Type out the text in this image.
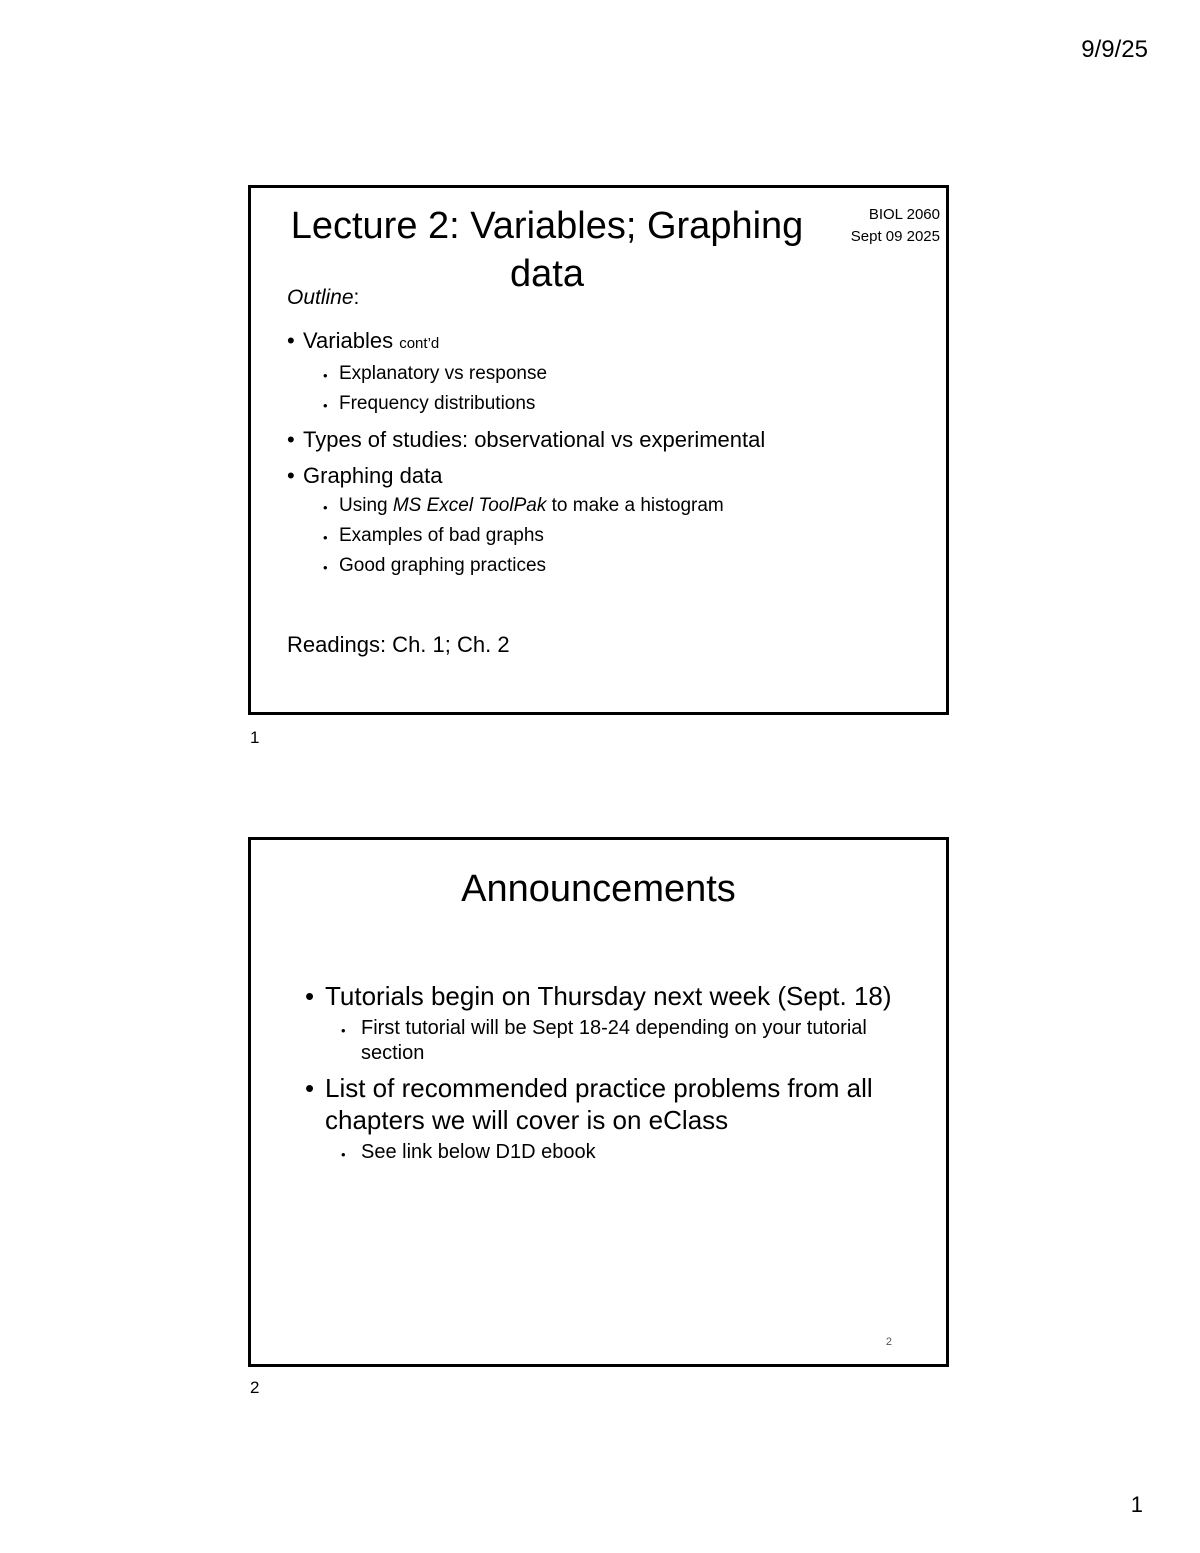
9/9/25
Lecture 2: Variables; Graphing data
BIOL 2060
Sept 09 2025
Outline:
• Variables cont’d
• Explanatory vs response
• Frequency distributions
• Types of studies: observational vs experimental
• Graphing data
• Using MS Excel ToolPak to make a histogram
• Examples of bad graphs
• Good graphing practices
Readings: Ch. 1; Ch. 2
1
Announcements
• Tutorials begin on Thursday next week (Sept. 18)
• First tutorial will be Sept 18-24 depending on your tutorial section
• List of recommended practice problems from all chapters we will cover is on eClass
• See link below D1D ebook
2
2
1
